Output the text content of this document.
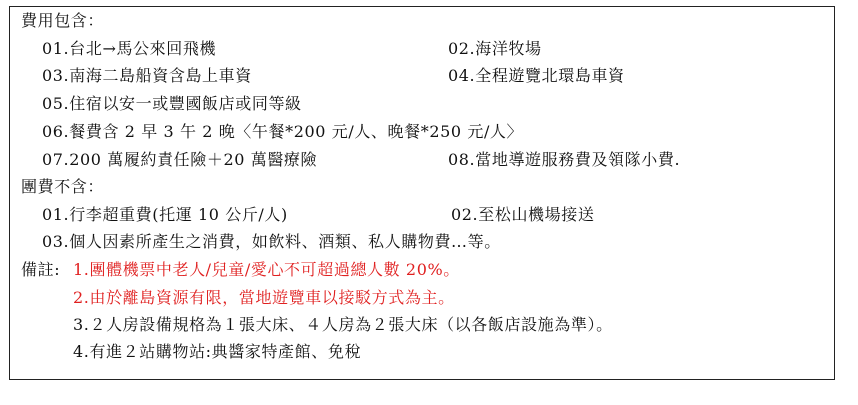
費用包含：
01.台北→馬公來回飛機	02.海洋牧場
03.南海二島船資含島上車資	04.全程遊覽北環島車資
05.住宿以安一或豐國飯店或同等級
06.餐費含 2 早 3 午 2 晚〈午餐*200 元/人、晚餐*250 元/人〉
07.200 萬履約責任險＋20 萬醫療險	08.當地導遊服務費及領隊小費.
團費不含：
01.行李超重費(托運 10 公斤/人)	02.至松山機場接送
03.個人因素所產生之消費，如飲料、酒類、私人購物費…等。
備註: 1.團體機票中老人/兒童/愛心不可超過總人數 20%。
2.由於離島資源有限，當地遊覽車以接駁方式為主。
3.２人房設備規格為１張大床、４人房為２張大床（以各飯店設施為準）。
4.有進２站購物站:典醬家特產館、免稅
